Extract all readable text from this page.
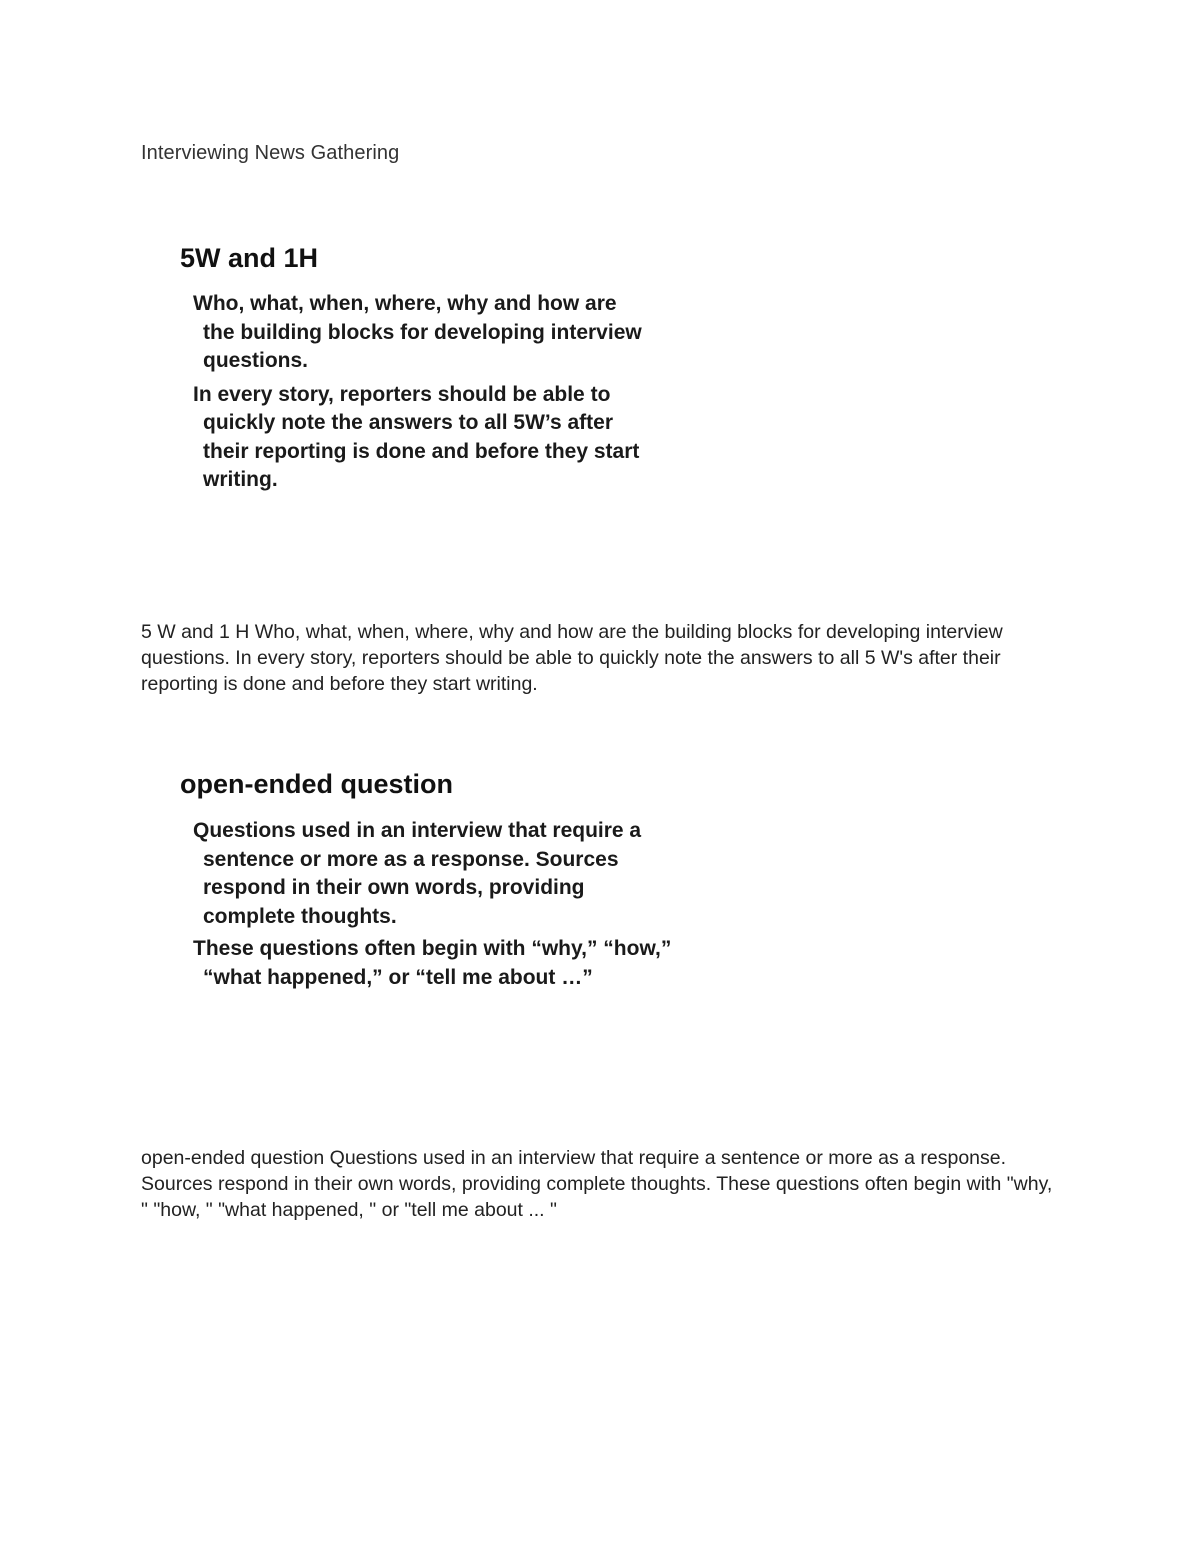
Interviewing News Gathering
5W and 1H

Who, what, when, where, why and how are
the building blocks for developing interview
questions.

In every story, reporters should be able to
quickly note the answers to all 5W’s after
their reporting is done and before they start
writing.

5 W and 1 H Who, what, when, where, why and how are the building blocks for developing interview questions. In every story, reporters should be able to quickly note the answers to all 5 W's after their reporting is done and before they start writing.

open-ended question

Questions used in an interview that require a
sentence or more as a response. Sources
respond in their own words, providing
complete thoughts.

These questions often begin with “why,” “how,”
“what happened,” or “tell me about …”

open-ended question Questions used in an interview that require a sentence or more as a response. Sources respond in their own words, providing complete thoughts. These questions often begin with "why, " "how, " "what happened, " or "tell me about ... "
